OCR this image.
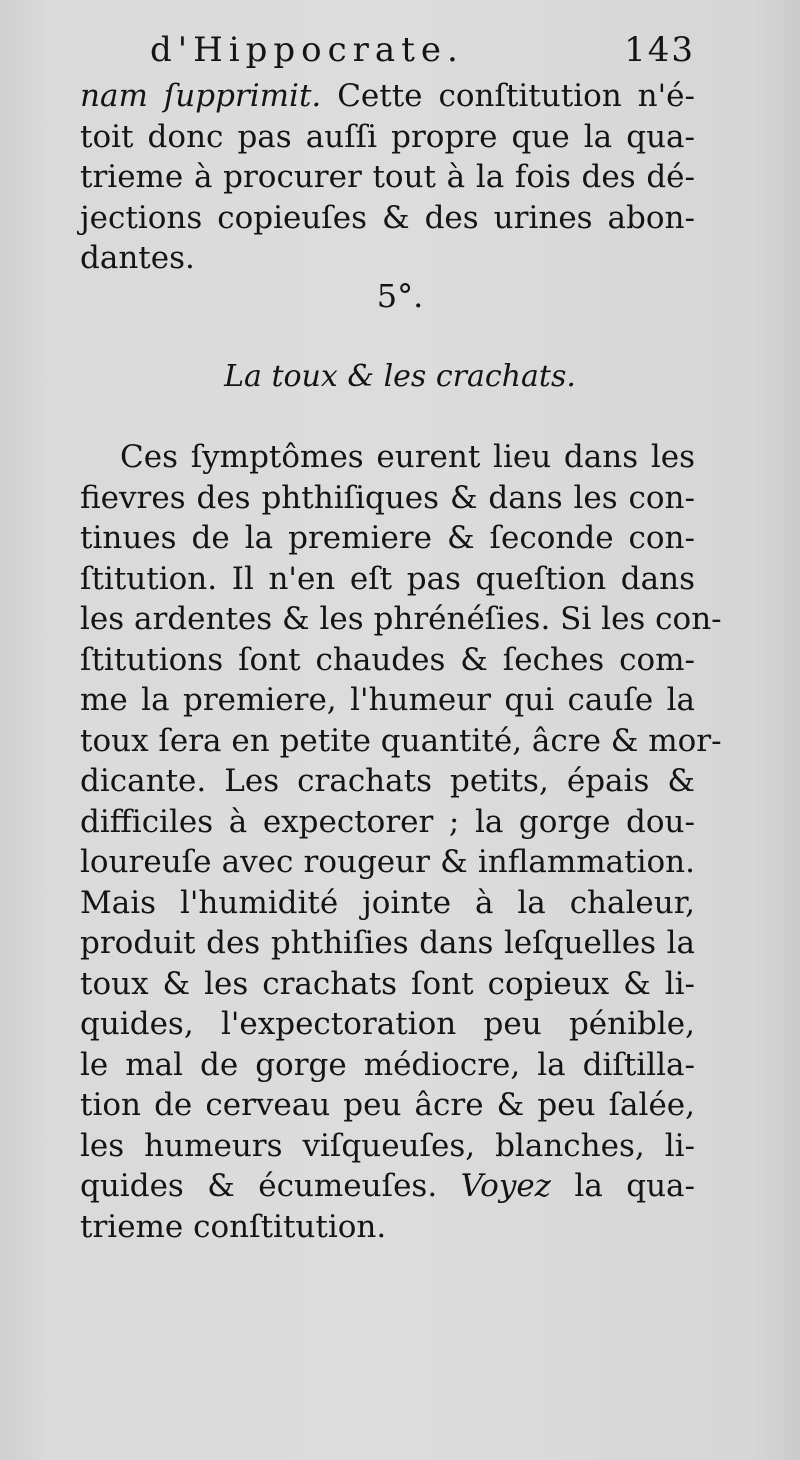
d'Hippocrate.	143
nam ſupprimit. Cette conſtitution n'é-
toit donc pas auſſi propre que la qua-
trieme à procurer tout à la fois des dé-
jections copieuſes & des urines abon-
dantes.
5°.
La toux & les crachats.
Ces ſymptômes eurent lieu dans les
fievres des phthiſiques & dans les con-
tinues de la premiere & ſeconde con-
ſtitution. Il n'en eſt pas queſtion dans
les ardentes & les phrénéſies. Si les con-
ſtitutions ſont chaudes & ſeches com-
me la premiere, l'humeur qui cauſe la
toux ſera en petite quantité, âcre & mor-
dicante. Les crachats petits, épais &
difficiles à expectorer ; la gorge dou-
loureuſe avec rougeur & inflammation.
Mais l'humidité jointe à la chaleur,
produit des phthiſies dans leſquelles la
toux & les crachats ſont copieux & li-
quides, l'expectoration peu pénible,
le mal de gorge médiocre, la diſtilla-
tion de cerveau peu âcre & peu ſalée,
les humeurs viſqueuſes, blanches, li-
quides & écumeuſes. Voyez la qua-
trieme conſtitution.
